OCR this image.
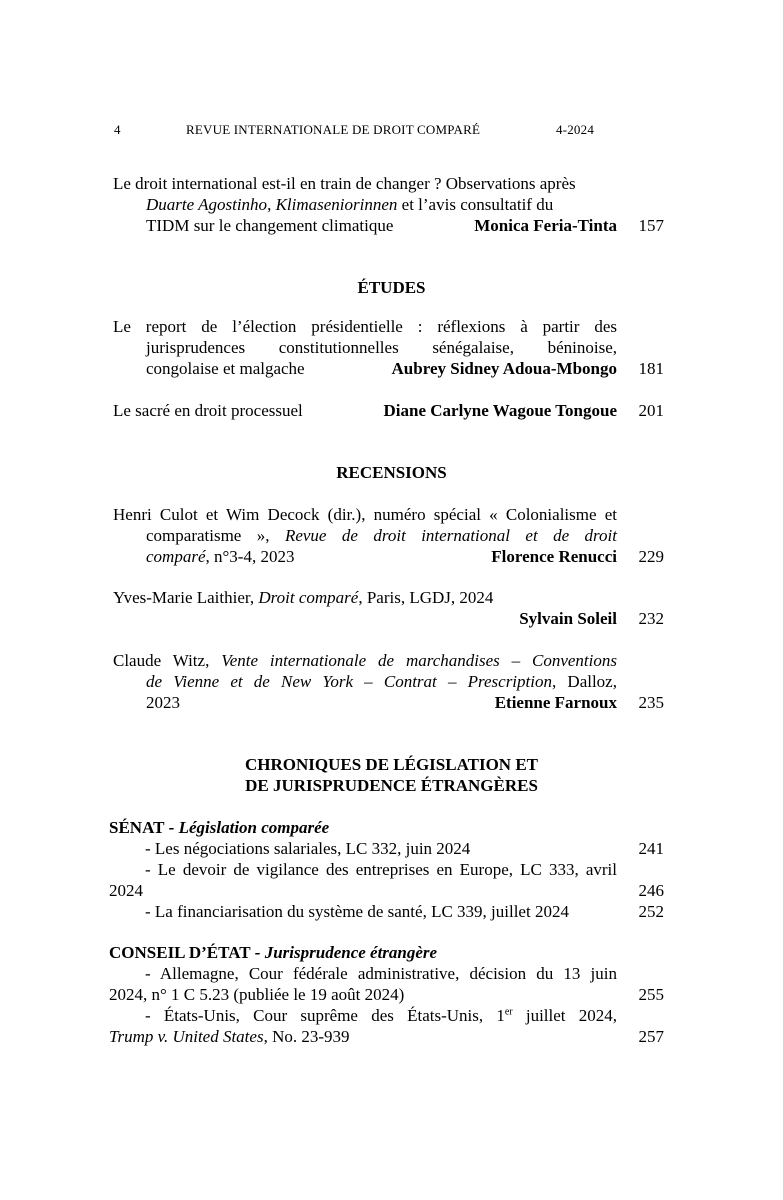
4	REVUE INTERNATIONALE DE DROIT COMPARÉ	4-2024
Le droit international est-il en train de changer ? Observations après
Duarte Agostinho, Klimaseniorinnen et l’avis consultatif du
TIDM sur le changement climatique	Monica Feria-Tinta	157
ÉTUDES
Le report de l’élection présidentielle : réflexions à partir des
jurisprudences constitutionnelles sénégalaise, béninoise,
congolaise et malgache	Aubrey Sidney Adoua-Mbongo	181
Le sacré en droit processuel	Diane Carlyne Wagoue Tongoue	201
RECENSIONS
Henri Culot et Wim Decock (dir.), numéro spécial « Colonialisme et
comparatisme », Revue de droit international et de droit
comparé, n°3-4, 2023	Florence Renucci	229
Yves-Marie Laithier, Droit comparé, Paris, LGDJ, 2024
Sylvain Soleil	232
Claude Witz, Vente internationale de marchandises – Conventions
de Vienne et de New York – Contrat – Prescription, Dalloz,
2023	Etienne Farnoux	235
CHRONIQUES DE LÉGISLATION ET
DE JURISPRUDENCE ÉTRANGÈRES
SÉNAT - Législation comparée
- Les négociations salariales, LC 332, juin 2024	241
- Le devoir de vigilance des entreprises en Europe, LC 333, avril
2024	246
- La financiarisation du système de santé, LC 339, juillet 2024	252
CONSEIL D’ÉTAT - Jurisprudence étrangère
- Allemagne, Cour fédérale administrative, décision du 13 juin
2024, n° 1 C 5.23 (publiée le 19 août 2024)	255
- États-Unis, Cour suprême des États-Unis, 1er juillet 2024,
Trump v. United States, No. 23-939	257
